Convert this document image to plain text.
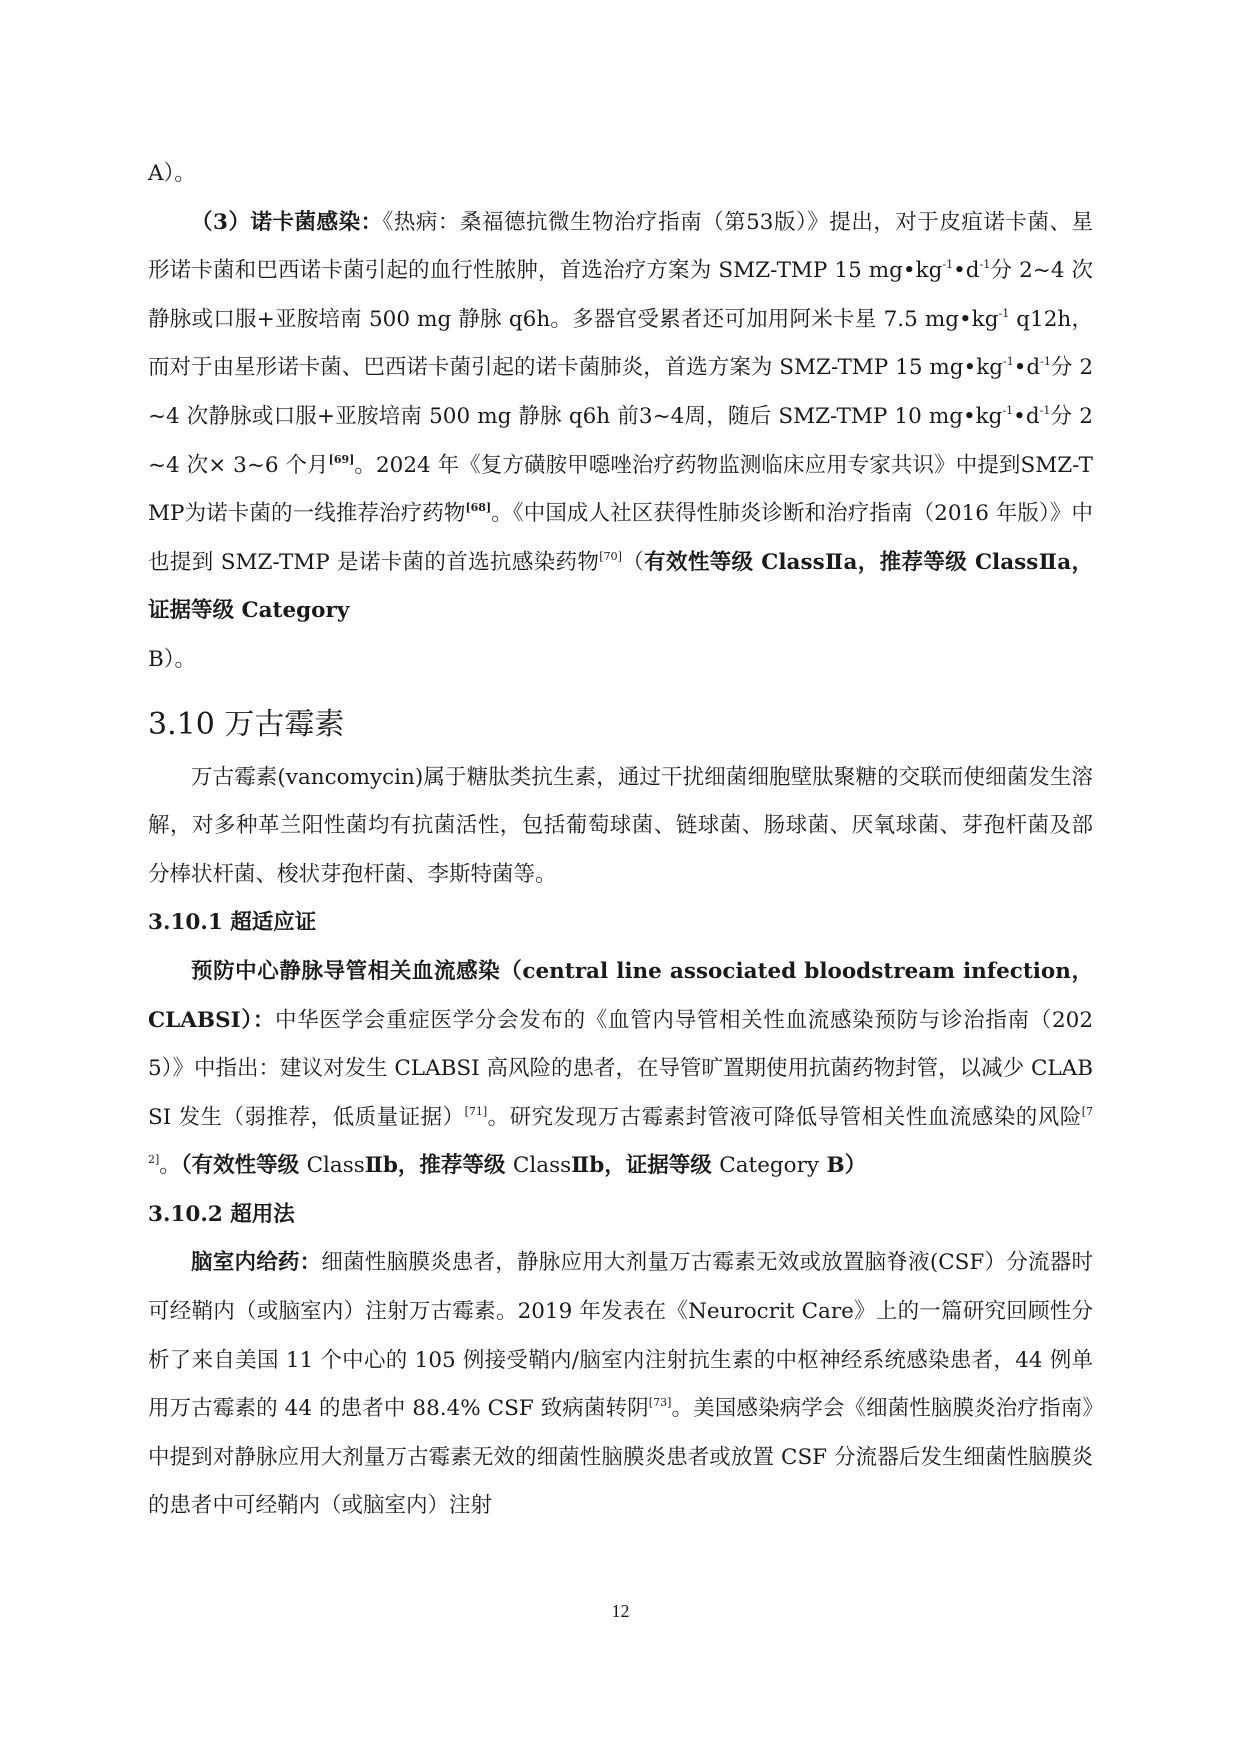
A）。

（3）诺卡菌感染：《热病：桑福德抗微生物治疗指南（第53版）》提出，对于皮疽诺卡菌、星形诺卡菌和巴西诺卡菌引起的血行性脓肿，首选治疗方案为 SMZ-TMP 15 $mg•kg^{-1}•d^{-1}$分 2~4 次静脉或口服+亚胺培南 500 mg 静脉 q6h。多器官受累者还可加用阿米卡星 7.5 $mg•kg^{-1}$ q12h，而对于由星形诺卡菌、巴西诺卡菌引起的诺卡菌肺炎，首选方案为 SMZ-TMP 15 $mg•kg^{-1}•d^{-1}$分 2~4 次静脉或口服+亚胺培南 500 mg 静脉 q6h 前3~4周，随后 SMZ-TMP 10 $mg•kg^{-1}•d^{-1}$分 2~4 次× 3~6 个月[69]。2024 年《复方磺胺甲噁唑治疗药物监测临床应用专家共识》中提到SMZ-TMP为诺卡菌的一线推荐治疗药物[68]。《中国成人社区获得性肺炎诊断和治疗指南（2016 年版）》中也提到 SMZ-TMP 是诺卡菌的首选抗感染药物[70]（有效性等级 ClassⅡa，推荐等级 ClassⅡa，证据等级 Category

B）。

3.10 万古霉素

万古霉素(vancomycin)属于糖肽类抗生素，通过干扰细菌细胞壁肽聚糖的交联而使细菌发生溶解，对多种革兰阳性菌均有抗菌活性，包括葡萄球菌、链球菌、肠球菌、厌氧球菌、芽孢杆菌及部分棒状杆菌、梭状芽孢杆菌、李斯特菌等。

3.10.1 超适应证

预防中心静脉导管相关血流感染（central line associated bloodstream infection，CLABSI）：中华医学会重症医学分会发布的《血管内导管相关性血流感染预防与诊治指南（2025）》中指出：建议对发生 CLABSI 高风险的患者，在导管旷置期使用抗菌药物封管，以减少 CLABSI 发生（弱推荐，低质量证据）[71]。研究发现万古霉素封管液可降低导管相关性血流感染的风险[72]。（有效性等级 ClassⅡb，推荐等级 ClassⅡb，证据等级 Category B）

3.10.2 超用法

脑室内给药：细菌性脑膜炎患者，静脉应用大剂量万古霉素无效或放置脑脊液(CSF）分流器时可经鞘内（或脑室内）注射万古霉素。2019 年发表在《Neurocrit Care》上的一篇研究回顾性分析了来自美国 11 个中心的 105 例接受鞘内/脑室内注射抗生素的中枢神经系统感染患者，44 例单用万古霉素的 44 的患者中 88.4% CSF 致病菌转阴[73]。美国感染病学会《细菌性脑膜炎治疗指南》中提到对静脉应用大剂量万古霉素无效的细菌性脑膜炎患者或放置 CSF 分流器后发生细菌性脑膜炎的患者中可经鞘内（或脑室内）注射

12
